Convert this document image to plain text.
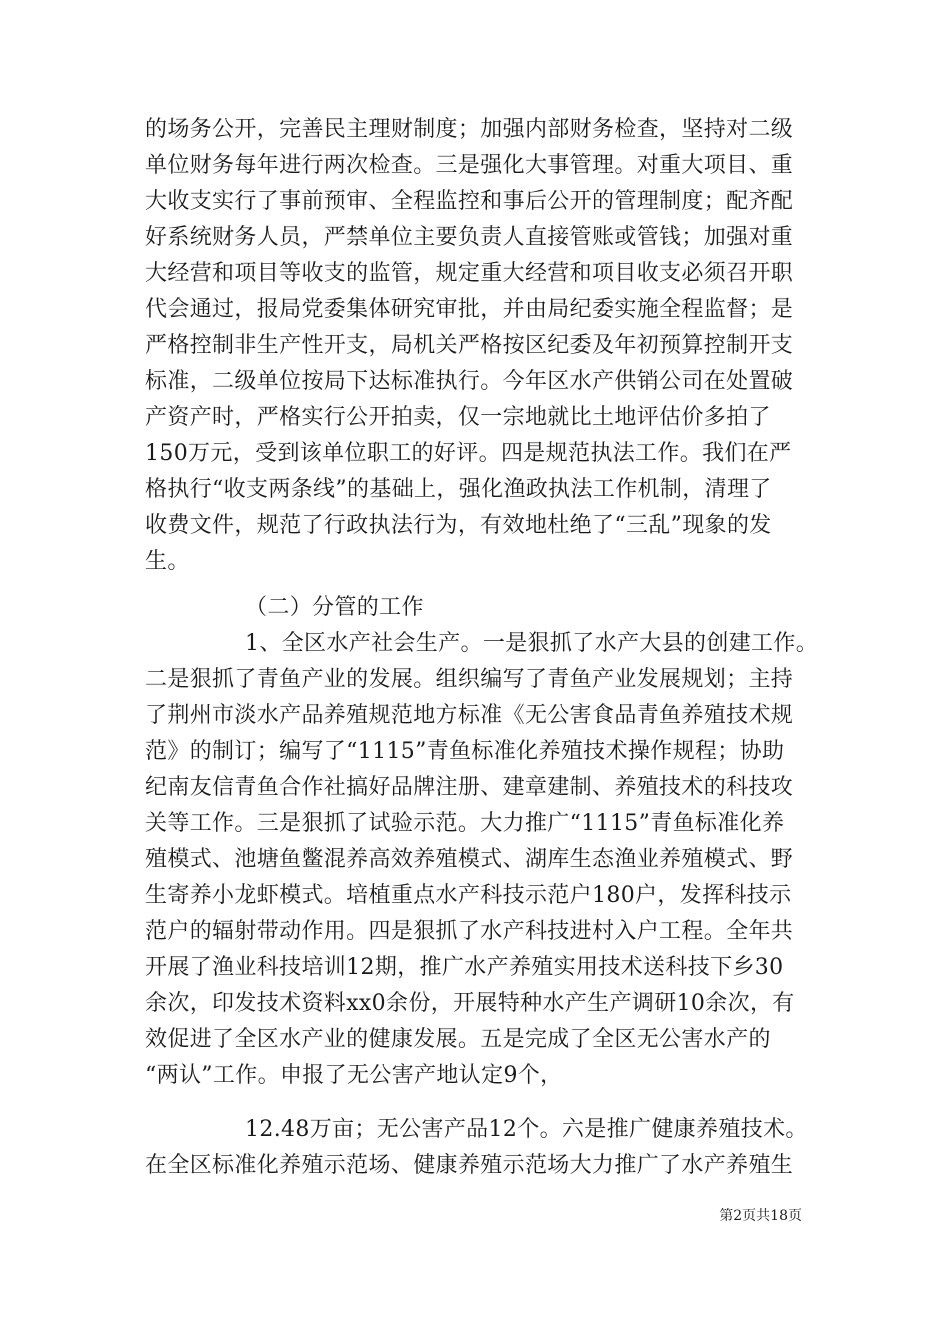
的场务公开，完善民主理财制度；加强内部财务检查，坚持对二级
单位财务每年进行两次检查。三是强化大事管理。对重大项目、重
大收支实行了事前预审、全程监控和事后公开的管理制度；配齐配
好系统财务人员，严禁单位主要负责人直接管账或管钱；加强对重
大经营和项目等收支的监管，规定重大经营和项目收支必须召开职
代会通过，报局党委集体研究审批，并由局纪委实施全程监督；是
严格控制非生产性开支，局机关严格按区纪委及年初预算控制开支
标准，二级单位按局下达标准执行。今年区水产供销公司在处置破
产资产时，严格实行公开拍卖，仅一宗地就比土地评估价多拍了
150万元，受到该单位职工的好评。四是规范执法工作。我们在严
格执行“收支两条线”的基础上，强化渔政执法工作机制，清理了
收费文件，规范了行政执法行为，有效地杜绝了“三乱”现象的发
生。
（二）分管的工作
1、全区水产社会生产。一是狠抓了水产大县的创建工作。
二是狠抓了青鱼产业的发展。组织编写了青鱼产业发展规划；主持
了荆州市淡水产品养殖规范地方标准《无公害食品青鱼养殖技术规
范》的制订；编写了“1115”青鱼标准化养殖技术操作规程；协助
纪南友信青鱼合作社搞好品牌注册、建章建制、养殖技术的科技攻
关等工作。三是狠抓了试验示范。大力推广“1115”青鱼标准化养
殖模式、池塘鱼鳖混养高效养殖模式、湖库生态渔业养殖模式、野
生寄养小龙虾模式。培植重点水产科技示范户180户，发挥科技示
范户的辐射带动作用。四是狠抓了水产科技进村入户工程。全年共
开展了渔业科技培训12期，推广水产养殖实用技术送科技下乡30
余次，印发技术资料xx0余份，开展特种水产生产调研10余次，有
效促进了全区水产业的健康发展。五是完成了全区无公害水产的
“两认”工作。申报了无公害产地认定9个，
12.48万亩；无公害产品12个。六是推广健康养殖技术。
在全区标准化养殖示范场、健康养殖示范场大力推广了水产养殖生
第2页共18页
